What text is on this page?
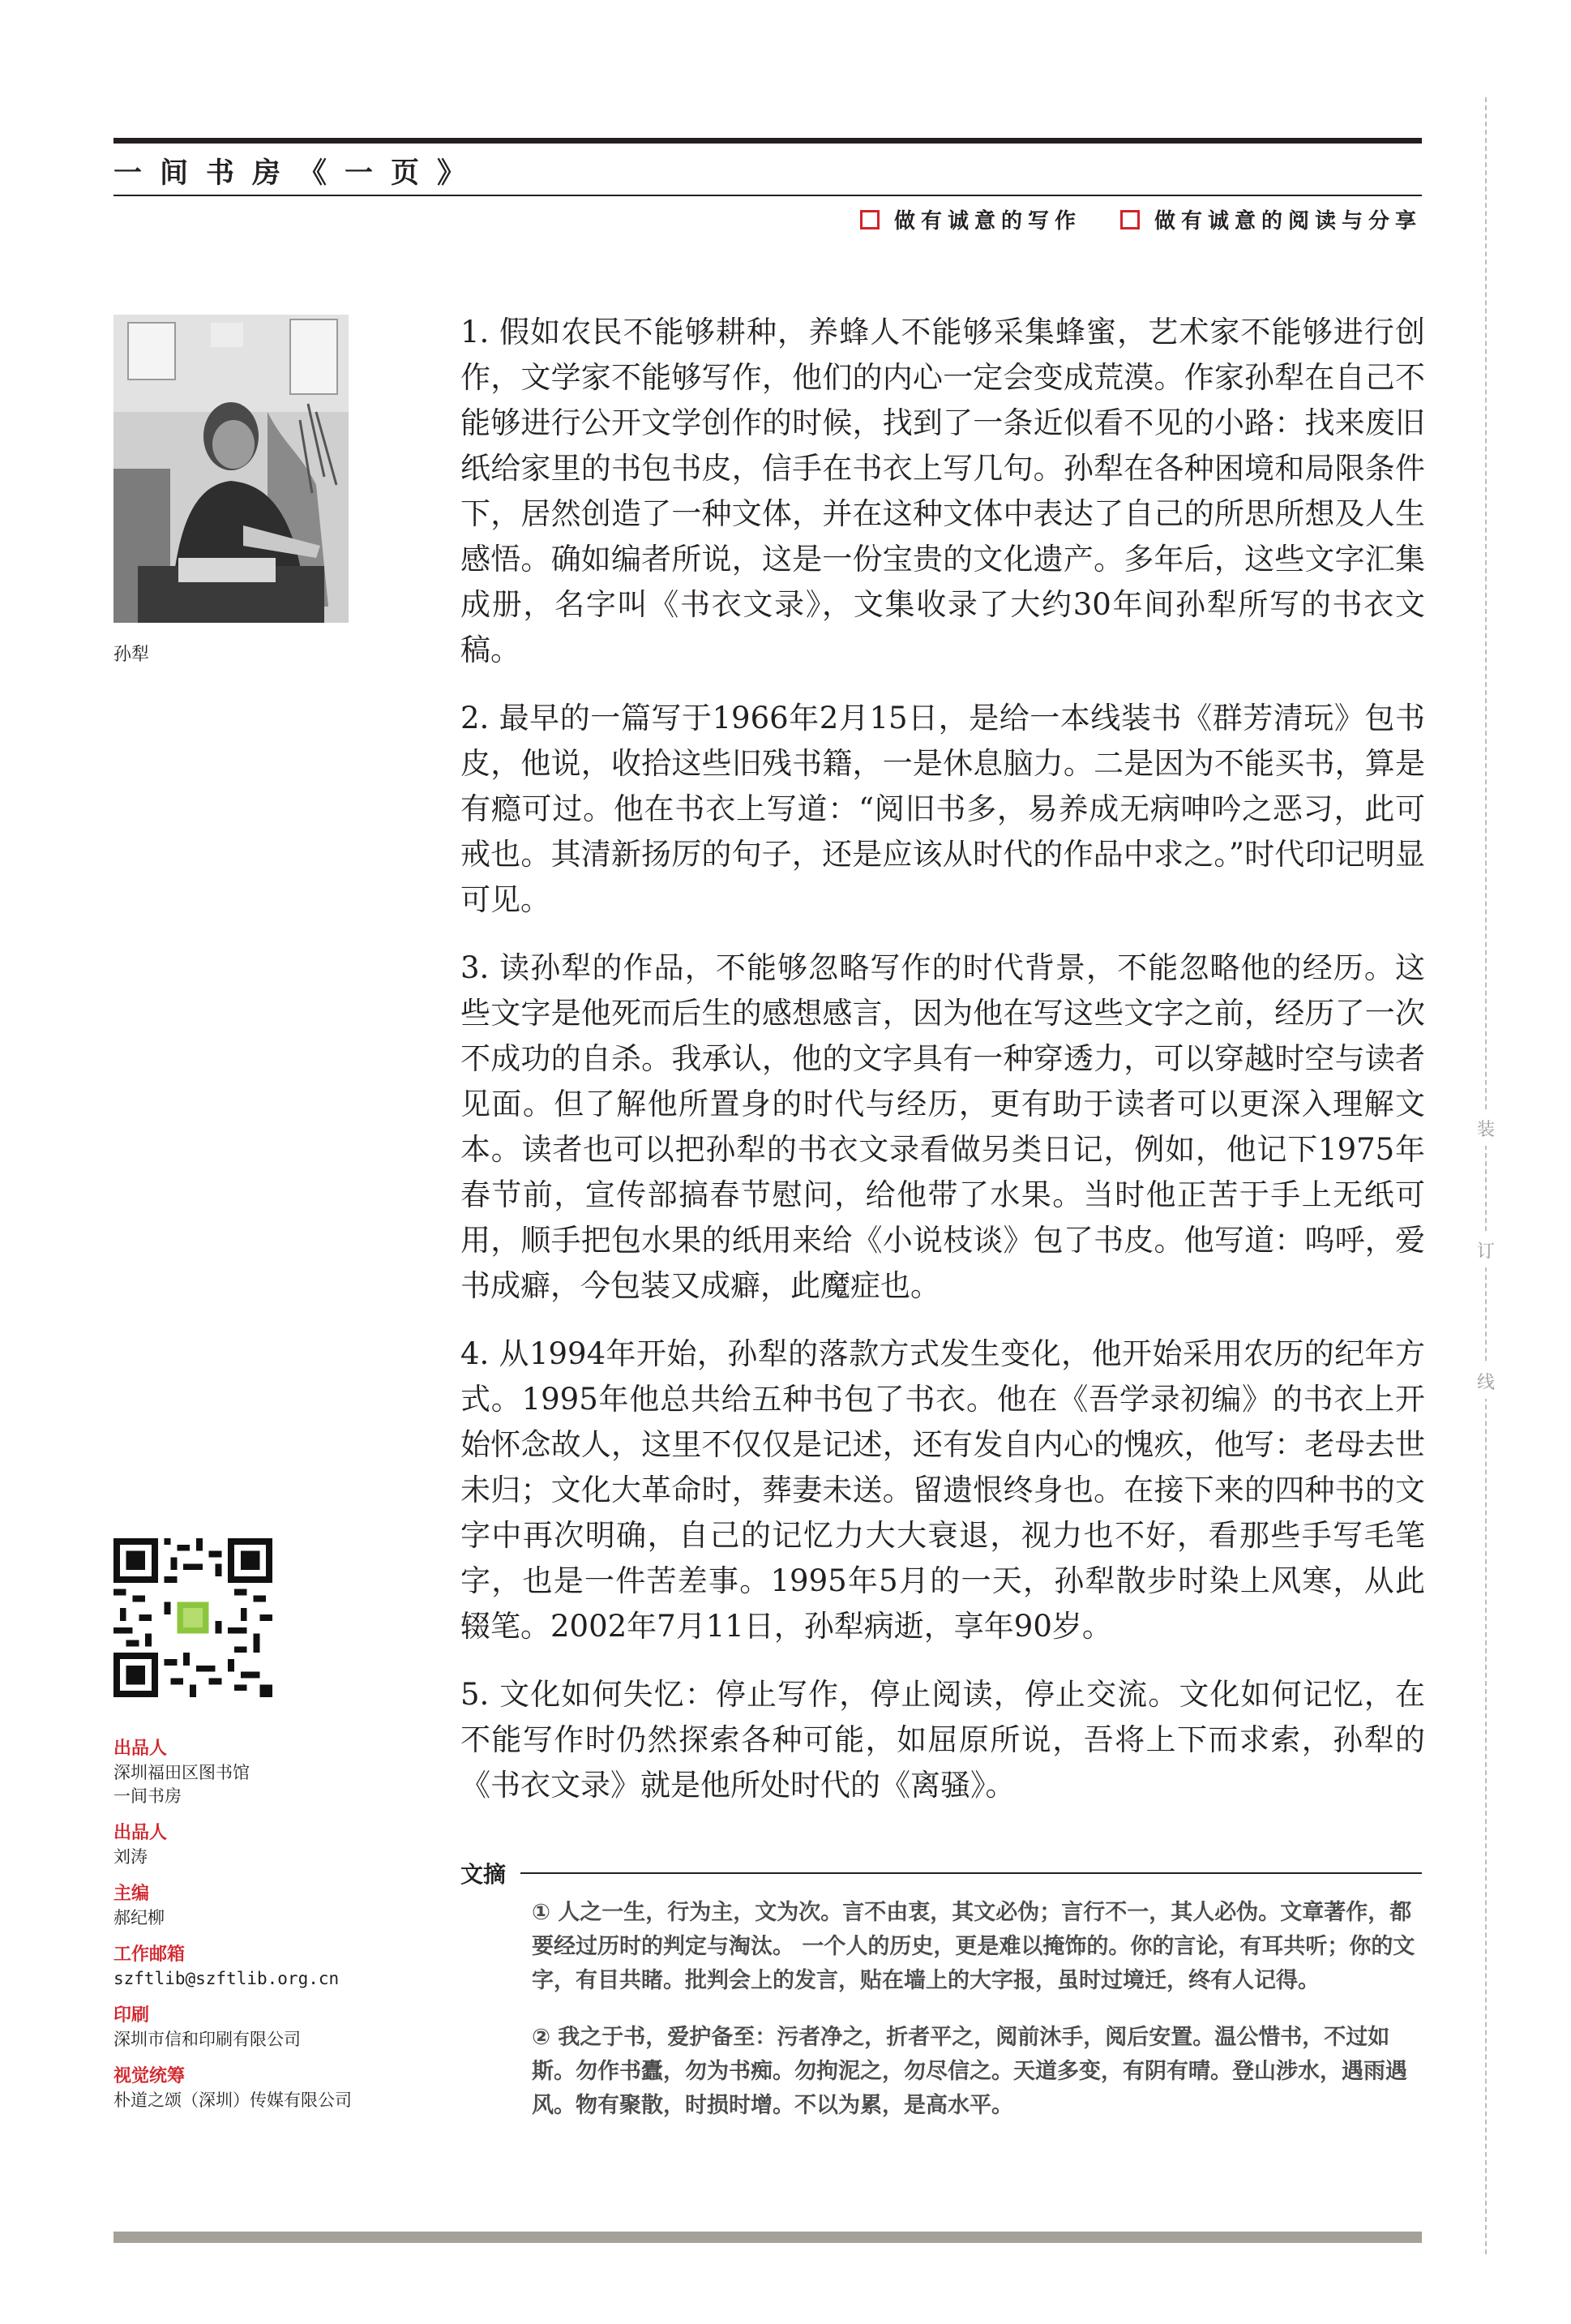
一间书房《一页》
做有诚意的写作	做有诚意的阅读与分享
装
订
线
孙犁

1. 假如农民不能够耕种，养蜂人不能够采集蜂蜜，艺术家不能够进行创作，文学家不能够写作，他们的内心一定会变成荒漠。作家孙犁在自己不能够进行公开文学创作的时候，找到了一条近似看不见的小路：找来废旧纸给家里的书包书皮，信手在书衣上写几句。孙犁在各种困境和局限条件下，居然创造了一种文体，并在这种文体中表达了自己的所思所想及人生感悟。确如编者所说，这是一份宝贵的文化遗产。多年后，这些文字汇集成册，名字叫《书衣文录》，文集收录了大约30年间孙犁所写的书衣文稿。

2. 最早的一篇写于1966年2月15日，是给一本线装书《群芳清玩》包书皮，他说，收拾这些旧残书籍，一是休息脑力。二是因为不能买书，算是有瘾可过。他在书衣上写道：“阅旧书多，易养成无病呻吟之恶习，此可戒也。其清新扬厉的句子，还是应该从时代的作品中求之。”时代印记明显可见。

3. 读孙犁的作品，不能够忽略写作的时代背景，不能忽略他的经历。这些文字是他死而后生的感想感言，因为他在写这些文字之前，经历了一次不成功的自杀。我承认，他的文字具有一种穿透力，可以穿越时空与读者见面。但了解他所置身的时代与经历，更有助于读者可以更深入理解文本。读者也可以把孙犁的书衣文录看做另类日记，例如，他记下1975年春节前，宣传部搞春节慰问，给他带了水果。当时他正苦于手上无纸可用，顺手把包水果的纸用来给《小说枝谈》包了书皮。他写道：呜呼，爱书成癖，今包装又成癖，此魔症也。

4. 从1994年开始，孙犁的落款方式发生变化，他开始采用农历的纪年方式。1995年他总共给五种书包了书衣。他在《吾学录初编》的书衣上开始怀念故人，这里不仅仅是记述，还有发自内心的愧疚，他写：老母去世未归；文化大革命时，葬妻未送。留遗恨终身也。在接下来的四种书的文字中再次明确，自己的记忆力大大衰退，视力也不好，看那些手写毛笔字，也是一件苦差事。1995年5月的一天，孙犁散步时染上风寒，从此辍笔。2002年7月11日，孙犁病逝，享年90岁。

5. 文化如何失忆：停止写作，停止阅读，停止交流。文化如何记忆，在不能写作时仍然探索各种可能，如屈原所说，吾将上下而求索，孙犁的《书衣文录》就是他所处时代的《离骚》。

文摘

① 人之一生，行为主，文为次。言不由衷，其文必伪；言行不一，其人必伪。文章著作，都要经过历时的判定与淘汰。 一个人的历史，更是难以掩饰的。你的言论，有耳共听；你的文字，有目共睹。批判会上的发言，贴在墙上的大字报，虽时过境迁，终有人记得。

② 我之于书，爱护备至：污者净之，折者平之，阅前沐手，阅后安置。温公惜书，不过如斯。勿作书蠹，勿为书痴。勿拘泥之，勿尽信之。天道多变，有阴有晴。登山涉水，遇雨遇风。物有聚散，时损时增。不以为累，是高水平。

出品人
深圳福田区图书馆
一间书房
出品人
刘涛
主编
郝纪柳
工作邮箱
szftlib@szftlib.org.cn
印刷
深圳市信和印刷有限公司
视觉统筹
朴道之颂（深圳）传媒有限公司
